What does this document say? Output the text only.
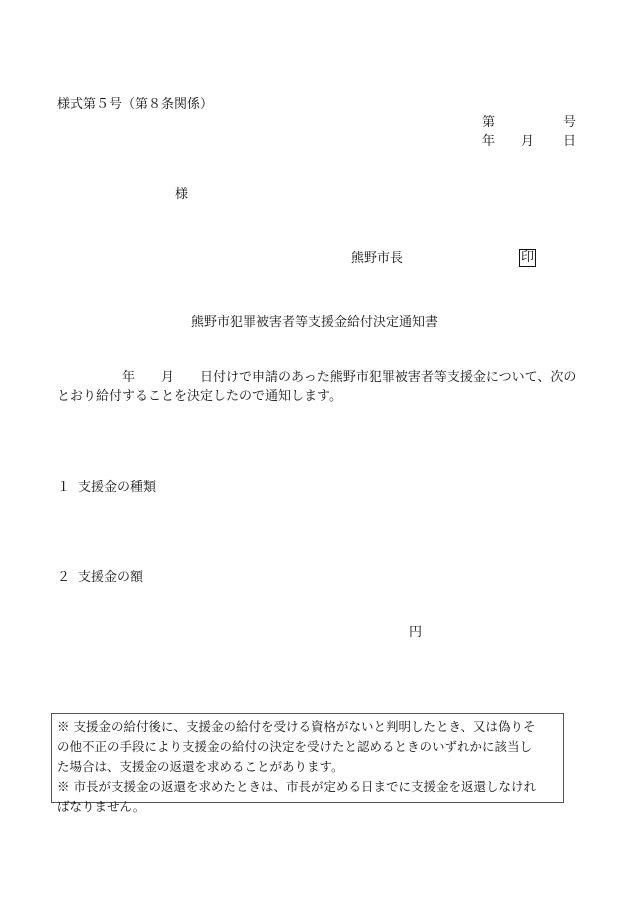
様式第５号（第８条関係）
第	号
年 月 日
様
熊野市長	印
熊野市犯罪被害者等支援金給付決定通知書

年 月 日付けで申請のあった熊野市犯罪被害者等支援金について、次の

とおり給付することを決定したので通知します。

１ 支援金の種類
２ 支援金の額
円

※ 支援金の給付後に、支援金の給付を受ける資格がないと判明したとき、又は偽りそ

の他不正の手段により支援金の給付の決定を受けたと認めるときのいずれかに該当し

た場合は、支援金の返還を求めることがあります。

※ 市長が支援金の返還を求めたときは、市長が定める日までに支援金を返還しなけれ

ばなりません。
